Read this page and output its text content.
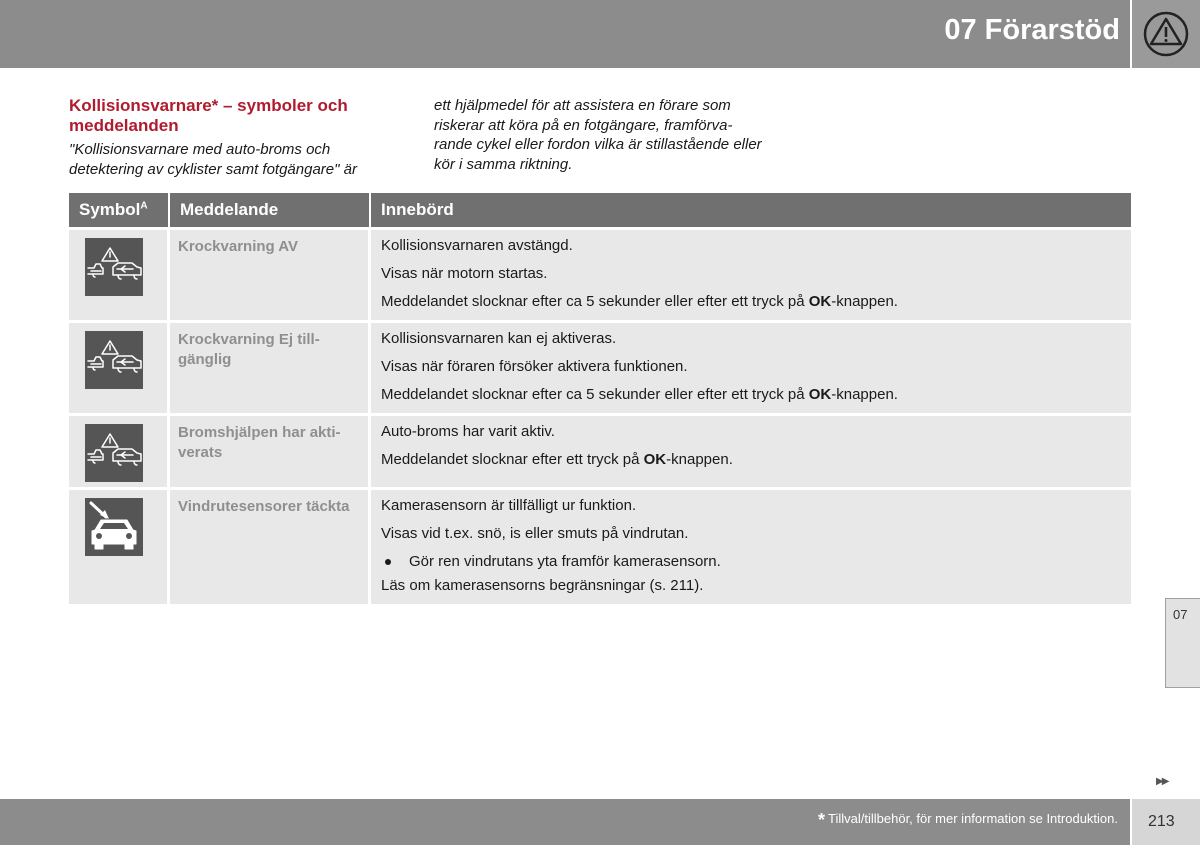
07 Förarstöd
Kollisionsvarnare* – symboler och meddelanden
"Kollisionsvarnare med auto-broms och detektering av cyklister samt fotgängare" är
ett hjälpmedel för att assistera en förare som riskerar att köra på en fotgängare, framförva-rande cykel eller fordon vilka är stillastående eller kör i samma riktning.
Symbol$^A$	Meddelande	Innebörd

	Krockvarning AV	Kollisionsvarnaren avstängd.

Visas när motorn startas.

Meddelandet slocknar efter ca 5 sekunder eller efter ett tryck på OK-knappen.

	Krockvarning Ej till-gänglig	Kollisionsvarnaren kan ej aktiveras.

Visas när föraren försöker aktivera funktionen.

Meddelandet slocknar efter ca 5 sekunder eller efter ett tryck på OK-knappen.

	Bromshjälpen har akti-verats	Auto-broms har varit aktiv.

Meddelandet slocknar efter ett tryck på OK-knappen.

	Vindrutesensorer täckta	Kamerasensorn är tillfälligt ur funktion.

Visas vid t.ex. snö, is eller smuts på vindrutan.

Gör ren vindrutans yta framför kamerasensorn.

Läs om kamerasensorns begränsningar (s. 211).

07
▶▶
* Tillval/tillbehör, för mer information se Introduktion. 213
